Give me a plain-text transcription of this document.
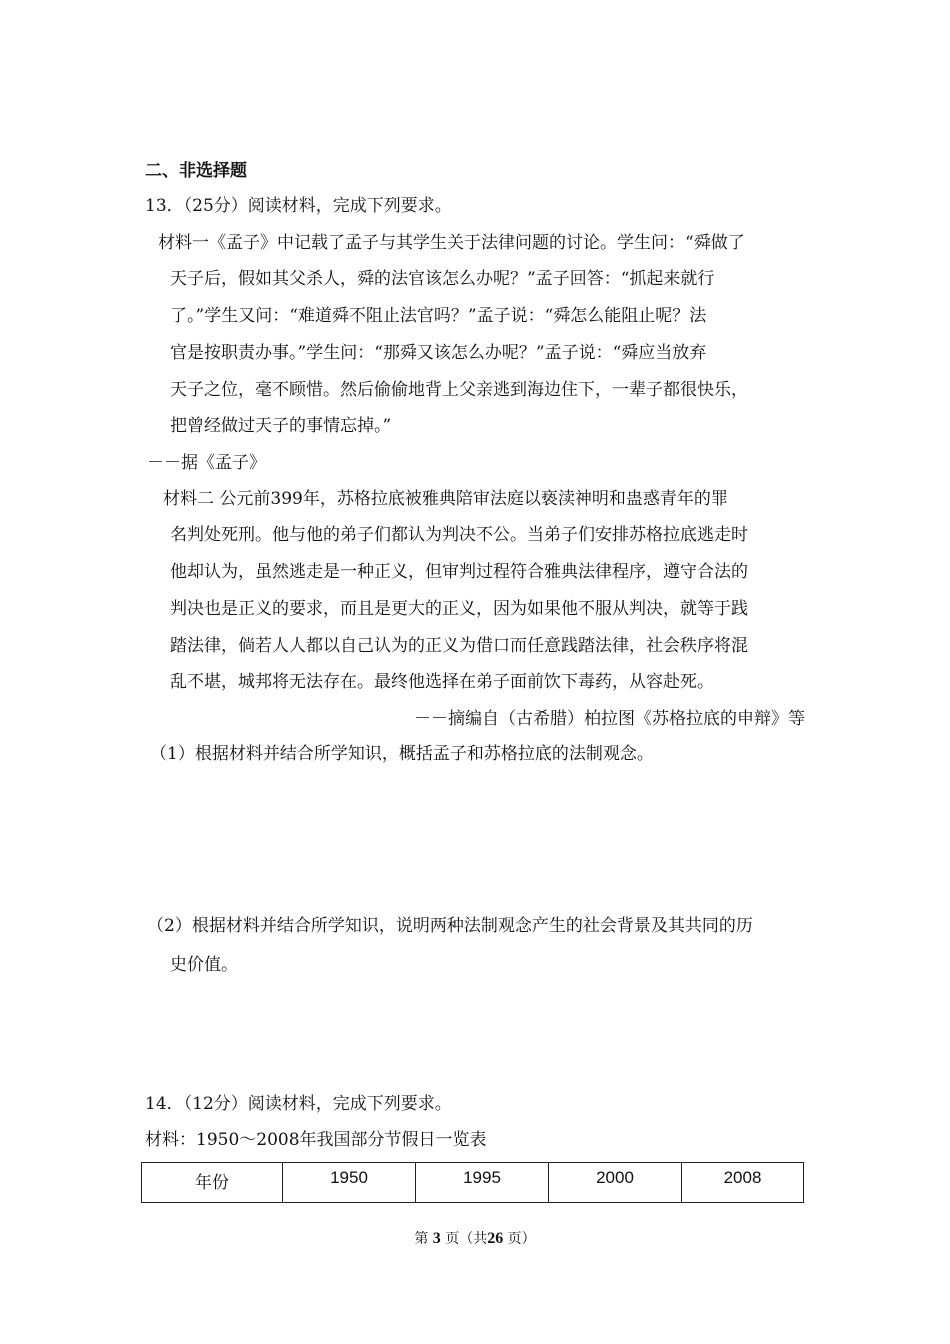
二、非选择题
13．（25分）阅读材料，完成下列要求。
材料一《孟子》中记载了孟子与其学生关于法律问题的讨论。学生问：“舜做了
天子后，假如其父杀人，舜的法官该怎么办呢？”孟子回答：“抓起来就行
了。”学生又问：“难道舜不阻止法官吗？”孟子说：“舜怎么能阻止呢？法
官是按职责办事。”学生问：“那舜又该怎么办呢？”孟子说：“舜应当放弃
天子之位，毫不顾惜。然后偷偷地背上父亲逃到海边住下，一辈子都很快乐，
把曾经做过天子的事情忘掉。”
－－据《孟子》
材料二 公元前399年，苏格拉底被雅典陪审法庭以亵渎神明和蛊惑青年的罪
名判处死刑。他与他的弟子们都认为判决不公。当弟子们安排苏格拉底逃走时
他却认为，虽然逃走是一种正义，但审判过程符合雅典法律程序，遵守合法的
判决也是正义的要求，而且是更大的正义，因为如果他不服从判决，就等于践
踏法律，倘若人人都以自己认为的正义为借口而任意践踏法律，社会秩序将混
乱不堪，城邦将无法存在。最终他选择在弟子面前饮下毒药，从容赴死。
－－摘编自（古希腊）柏拉图《苏格拉底的申辩》等
（1）根据材料并结合所学知识，概括孟子和苏格拉底的法制观念。
（2）根据材料并结合所学知识，说明两种法制观念产生的社会背景及其共同的历
史价值。
14．（12分）阅读材料，完成下列要求。
材料：1950～2008年我国部分节假日一览表
年份	1950	1995	2000	2008
第 3 页（共26 页）
